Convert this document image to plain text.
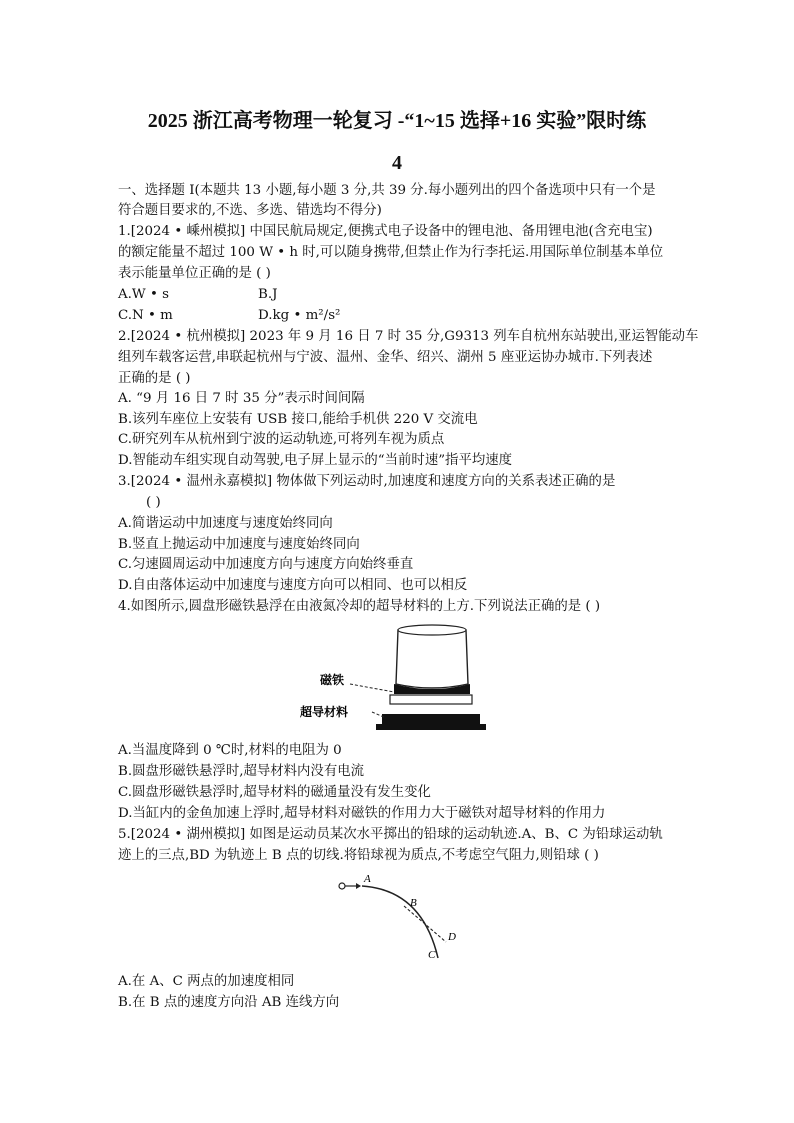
2025 浙江高考物理一轮复习 -“1~15 选择+16 实验”限时练
4
一、选择题 Ⅰ(本题共 13 小题,每小题 3 分,共 39 分.每小题列出的四个备选项中只有一个是
符合题目要求的,不选、多选、错选均不得分)
1.[2024 • 嵊州模拟] 中国民航局规定,便携式电子设备中的锂电池、备用锂电池(含充电宝)
的额定能量不超过 100 W • h 时,可以随身携带,但禁止作为行李托运.用国际单位制基本单位
表示能量单位正确的是 ( )
A.W • s	B.J
C.N • m	D.kg • m²/s²
2.[2024 • 杭州模拟] 2023 年 9 月 16 日 7 时 35 分,G9313 列车自杭州东站驶出,亚运智能动车
组列车载客运营,串联起杭州与宁波、温州、金华、绍兴、湖州 5 座亚运协办城市.下列表述
正确的是 ( )
A. “9 月 16 日 7 时 35 分”表示时间间隔
B.该列车座位上安装有 USB 接口,能给手机供 220 V 交流电
C.研究列车从杭州到宁波的运动轨迹,可将列车视为质点
D.智能动车组实现自动驾驶,电子屏上显示的“当前时速”指平均速度
3.[2024 • 温州永嘉模拟] 物体做下列运动时,加速度和速度方向的关系表述正确的是
( )
A.简谐运动中加速度与速度始终同向
B.竖直上抛运动中加速度与速度始终同向
C.匀速圆周运动中加速度方向与速度方向始终垂直
D.自由落体运动中加速度与速度方向可以相同、也可以相反
4.如图所示,圆盘形磁铁悬浮在由液氮冷却的超导材料的上方.下列说法正确的是 ( )
磁铁
超导材料
A.当温度降到 0 ℃时,材料的电阻为 0
B.圆盘形磁铁悬浮时,超导材料内没有电流
C.圆盘形磁铁悬浮时,超导材料的磁通量没有发生变化
D.当缸内的金鱼加速上浮时,超导材料对磁铁的作用力大于磁铁对超导材料的作用力
5.[2024 • 湖州模拟] 如图是运动员某次水平掷出的铅球的运动轨迹.A、B、C 为铅球运动轨
迹上的三点,BD 为轨迹上 B 点的切线.将铅球视为质点,不考虑空气阻力,则铅球 ( )
A
B
D
C
A.在 A、C 两点的加速度相同
B.在 B 点的速度方向沿 AB 连线方向
